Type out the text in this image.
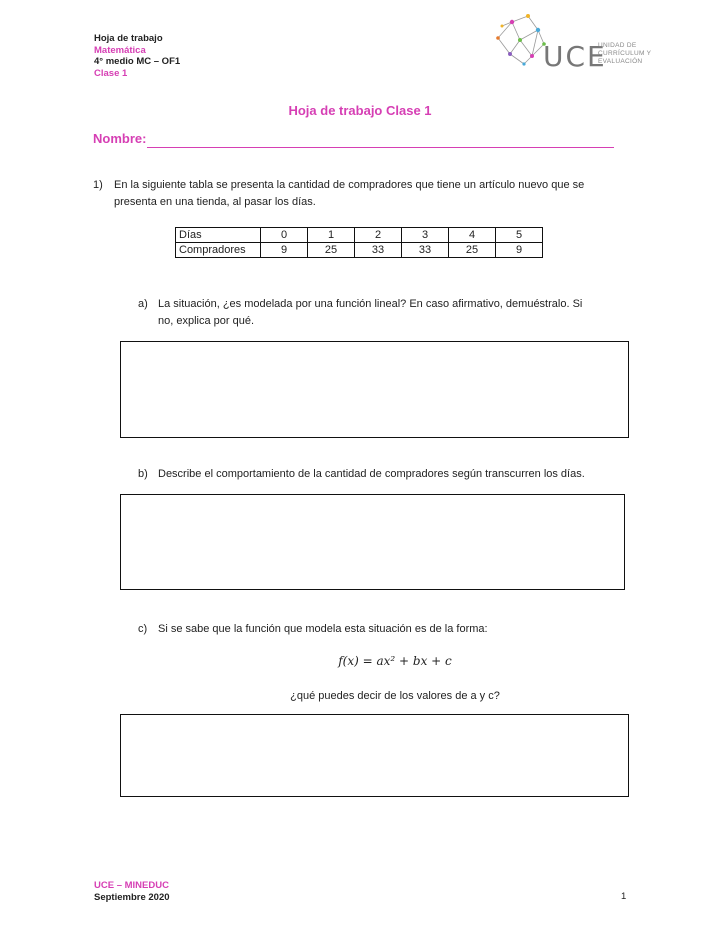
Hoja de trabajo
Matemática
4° medio MC – OF1
Clase 1	UCE
UNIDAD DE
CURRÍCULUM Y
EVALUACIÓN
Hoja de trabajo Clase 1
Nombre:
1) En la siguiente tabla se presenta la cantidad de compradores que tiene un artículo nuevo que se presenta en una tienda, al pasar los días.
Días	0	1	2	3	4	5
Compradores	9	25	33	33	25	9
a) La situación, ¿es modelada por una función lineal? En caso afirmativo, demuéstralo. Si
no, explica por qué.
b) Describe el comportamiento de la cantidad de compradores según transcurren los días.
c) Si se sabe que la función que modela esta situación es de la forma:
f(x) = ax² + bx + c
¿qué puedes decir de los valores de a y c?
UCE – MINEDUC
Septiembre 2020	1
